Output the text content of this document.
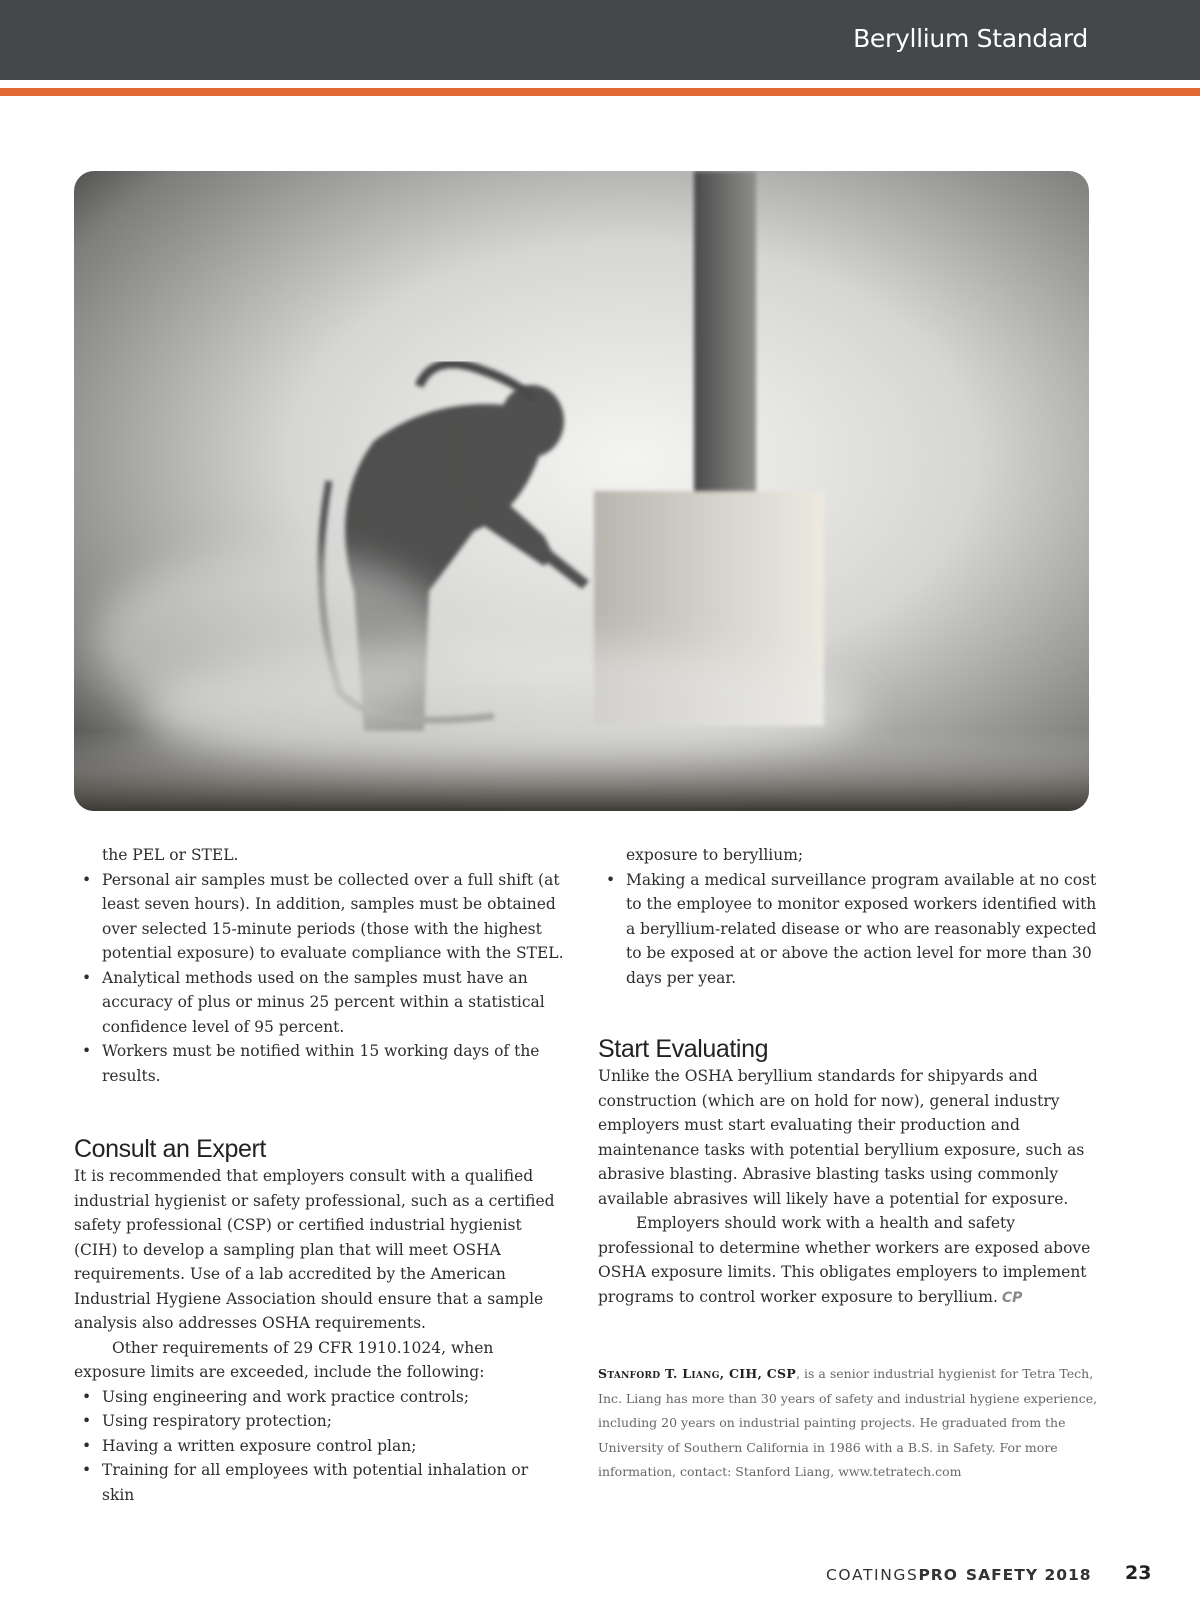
Beryllium Standard
the PEL or STEL.
• Personal air samples must be collected over a full shift (at least seven hours). In addition, samples must be obtained over selected 15-minute periods (those with the highest potential exposure) to evaluate compliance with the STEL.
• Analytical methods used on the samples must have an accuracy of plus or minus 25 percent within a statistical confidence level of 95 percent.
• Workers must be notified within 15 working days of the results.
Consult an Expert

It is recommended that employers consult with a qualified industrial hygienist or safety professional, such as a certified safety professional (CSP) or certified industrial hygienist (CIH) to develop a sampling plan that will meet OSHA requirements. Use of a lab accredited by the American Industrial Hygiene Association should ensure that a sample analysis also addresses OSHA requirements.

Other requirements of 29 CFR 1910.1024, when exposure limits are exceeded, include the following:

• Using engineering and work practice controls;
• Using respiratory protection;
• Having a written exposure control plan;
• Training for all employees with potential inhalation or skin
exposure to beryllium;
• Making a medical surveillance program available at no cost to the employee to monitor exposed workers identified with a beryllium-related disease or who are reasonably expected to be exposed at or above the action level for more than 30 days per year.
Start Evaluating

Unlike the OSHA beryllium standards for shipyards and construction (which are on hold for now), general industry employers must start evaluating their production and maintenance tasks with potential beryllium exposure, such as abrasive blasting. Abrasive blasting tasks using commonly available abrasives will likely have a potential for exposure.

Employers should work with a health and safety professional to determine whether workers are exposed above OSHA exposure limits. This obligates employers to implement programs to control worker exposure to beryllium. CP

Stanford T. Liang, CIH, CSP, is a senior industrial hygienist for Tetra Tech, Inc. Liang has more than 30 years of safety and industrial hygiene experience, including 20 years on industrial painting projects. He graduated from the University of Southern California in 1986 with a B.S. in Safety. For more information, contact: Stanford Liang, www.tetratech.com

COATINGSPRO SAFETY 2018 23
